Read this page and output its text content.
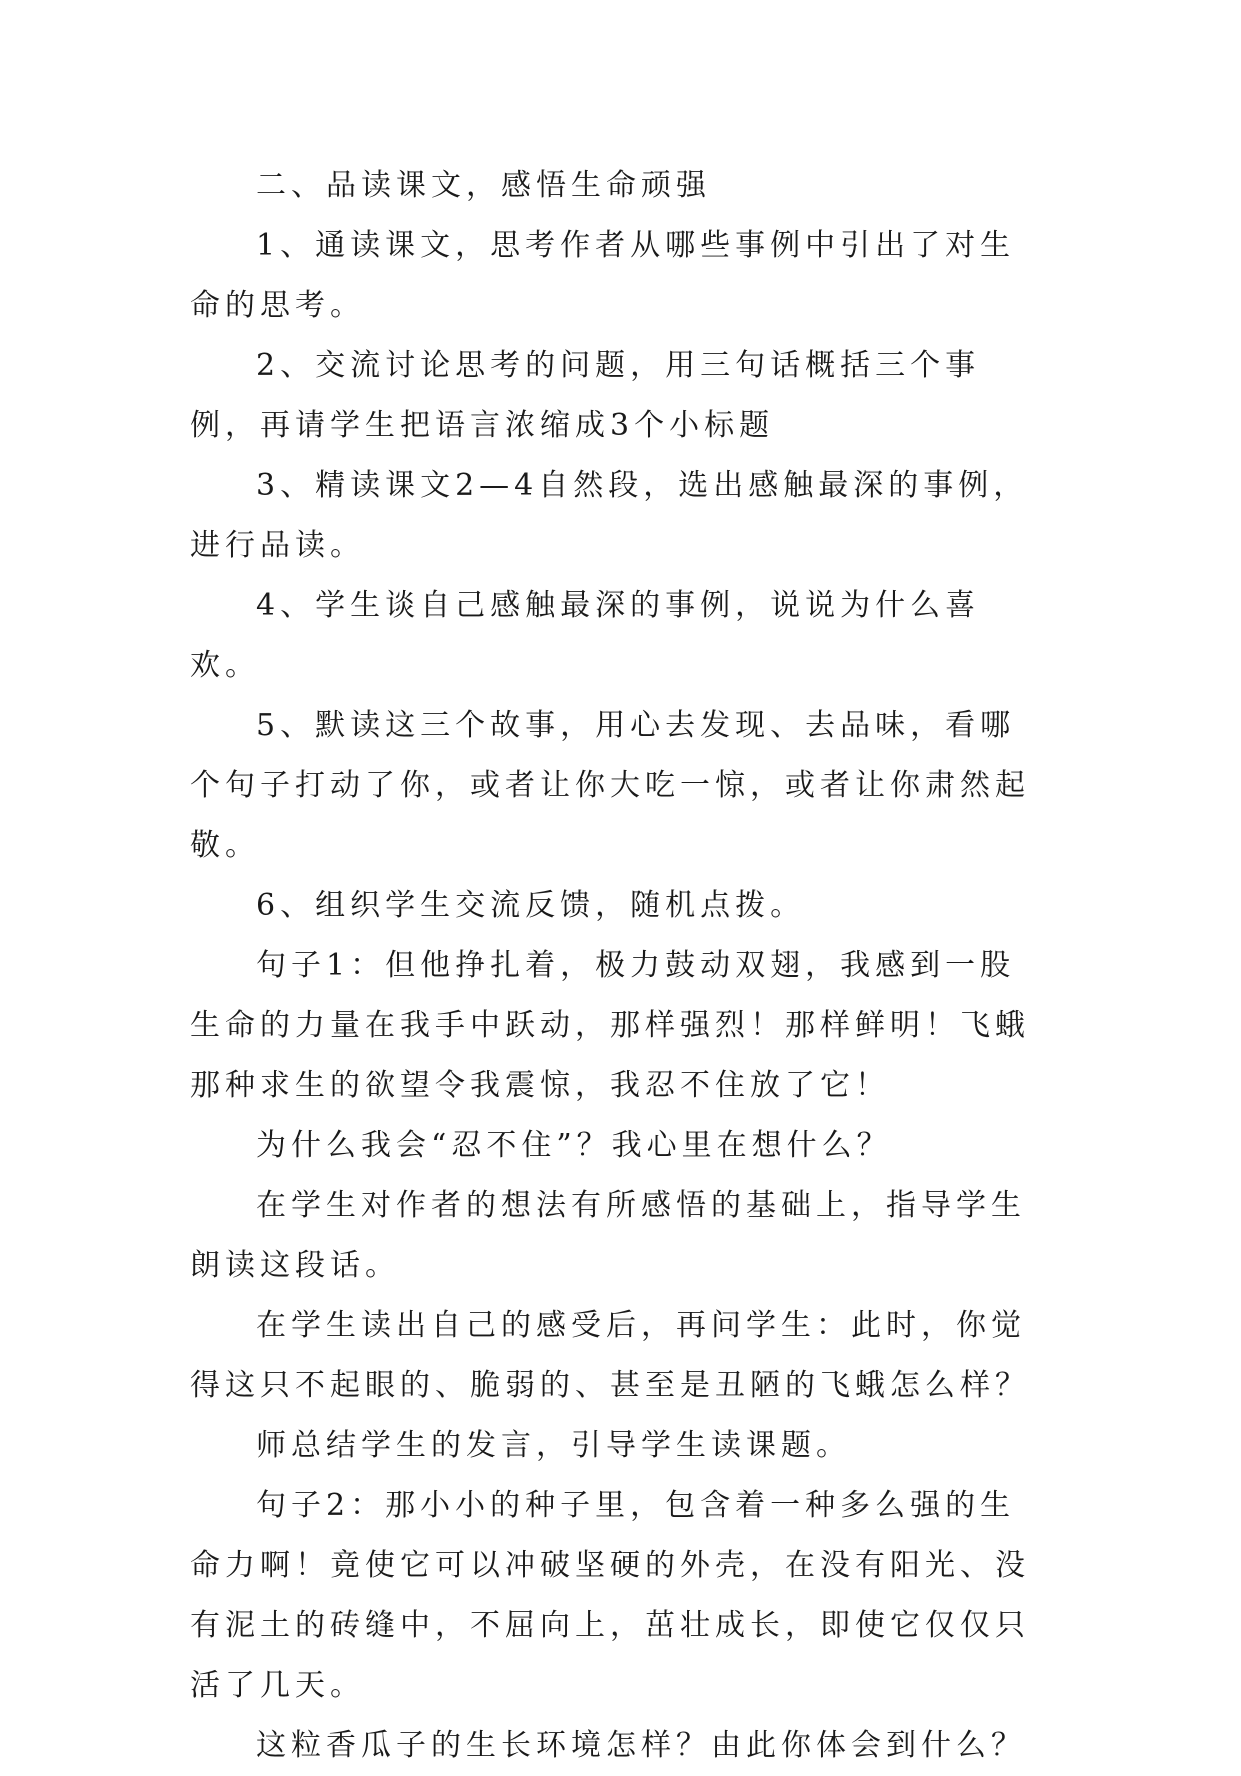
二、品读课文，感悟生命顽强

1、通读课文，思考作者从哪些事例中引出了对生命的思考。

2、交流讨论思考的问题，用三句话概括三个事例，再请学生把语言浓缩成3个小标题

3、精读课文2—4自然段，选出感触最深的事例，进行品读。

4、学生谈自己感触最深的事例，说说为什么喜欢。

5、默读这三个故事，用心去发现、去品味，看哪个句子打动了你，或者让你大吃一惊，或者让你肃然起敬。

6、组织学生交流反馈，随机点拨。

句子1：但他挣扎着，极力鼓动双翅，我感到一股生命的力量在我手中跃动，那样强烈！那样鲜明！飞蛾那种求生的欲望令我震惊，我忍不住放了它！

为什么我会“忍不住”？我心里在想什么？

在学生对作者的想法有所感悟的基础上，指导学生朗读这段话。

在学生读出自己的感受后，再问学生：此时，你觉得这只不起眼的、脆弱的、甚至是丑陋的飞蛾怎么样？

师总结学生的发言，引导学生读课题。

句子2：那小小的种子里，包含着一种多么强的生命力啊！竟使它可以冲破坚硬的外壳，在没有阳光、没有泥土的砖缝中，不屈向上，茁壮成长，即使它仅仅只活了几天。

这粒香瓜子的生长环境怎样？由此你体会到什么？
